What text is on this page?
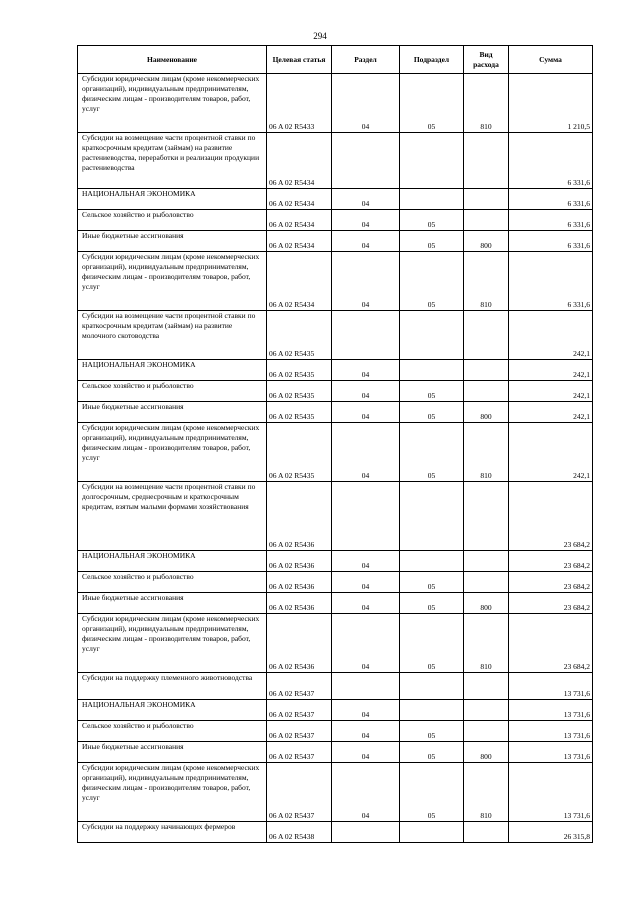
294
Наименование	Целевая статья	Раздел	Подраздел	Вид расхода	Сумма
Субсидии юридическим лицам (кроме некоммерческих организаций), индивидуальным предпринимателям, физическим лицам - производителям товаров, работ, услуг	06 A 02 R5433	04	05	810	1 210,5
Субсидии на возмещение части процентной ставки по краткосрочным кредитам (займам) на развитие растениеводства, переработки и реализации продукции растениеводства	06 A 02 R5434				6 331,6
НАЦИОНАЛЬНАЯ ЭКОНОМИКА	06 A 02 R5434	04			6 331,6
Сельское хозяйство и рыболовство	06 A 02 R5434	04	05		6 331,6
Иные бюджетные ассигнования	06 A 02 R5434	04	05	800	6 331,6
Субсидии юридическим лицам (кроме некоммерческих организаций), индивидуальным предпринимателям, физическим лицам - производителям товаров, работ, услуг	06 A 02 R5434	04	05	810	6 331,6
Субсидии на возмещение части процентной ставки по краткосрочным кредитам (займам) на развитие молочного скотоводства	06 A 02 R5435				242,1
НАЦИОНАЛЬНАЯ ЭКОНОМИКА	06 A 02 R5435	04			242,1
Сельское хозяйство и рыболовство	06 A 02 R5435	04	05		242,1
Иные бюджетные ассигнования	06 A 02 R5435	04	05	800	242,1
Субсидии юридическим лицам (кроме некоммерческих организаций), индивидуальным предпринимателям, физическим лицам - производителям товаров, работ, услуг	06 A 02 R5435	04	05	810	242,1
Субсидии на возмещение части процентной ставки по долгосрочным, среднесрочным и краткосрочным кредитам, взятым малыми формами хозяйствования	06 A 02 R5436				23 684,2
НАЦИОНАЛЬНАЯ ЭКОНОМИКА	06 A 02 R5436	04			23 684,2
Сельское хозяйство и рыболовство	06 A 02 R5436	04	05		23 684,2
Иные бюджетные ассигнования	06 A 02 R5436	04	05	800	23 684,2
Субсидии юридическим лицам (кроме некоммерческих организаций), индивидуальным предпринимателям, физическим лицам - производителям товаров, работ, услуг	06 A 02 R5436	04	05	810	23 684,2
Субсидии на поддержку племенного животноводства	06 A 02 R5437				13 731,6
НАЦИОНАЛЬНАЯ ЭКОНОМИКА	06 A 02 R5437	04			13 731,6
Сельское хозяйство и рыболовство	06 A 02 R5437	04	05		13 731,6
Иные бюджетные ассигнования	06 A 02 R5437	04	05	800	13 731,6
Субсидии юридическим лицам (кроме некоммерческих организаций), индивидуальным предпринимателям, физическим лицам - производителям товаров, работ, услуг	06 A 02 R5437	04	05	810	13 731,6
Субсидии на поддержку начинающих фермеров	06 A 02 R5438				26 315,8
